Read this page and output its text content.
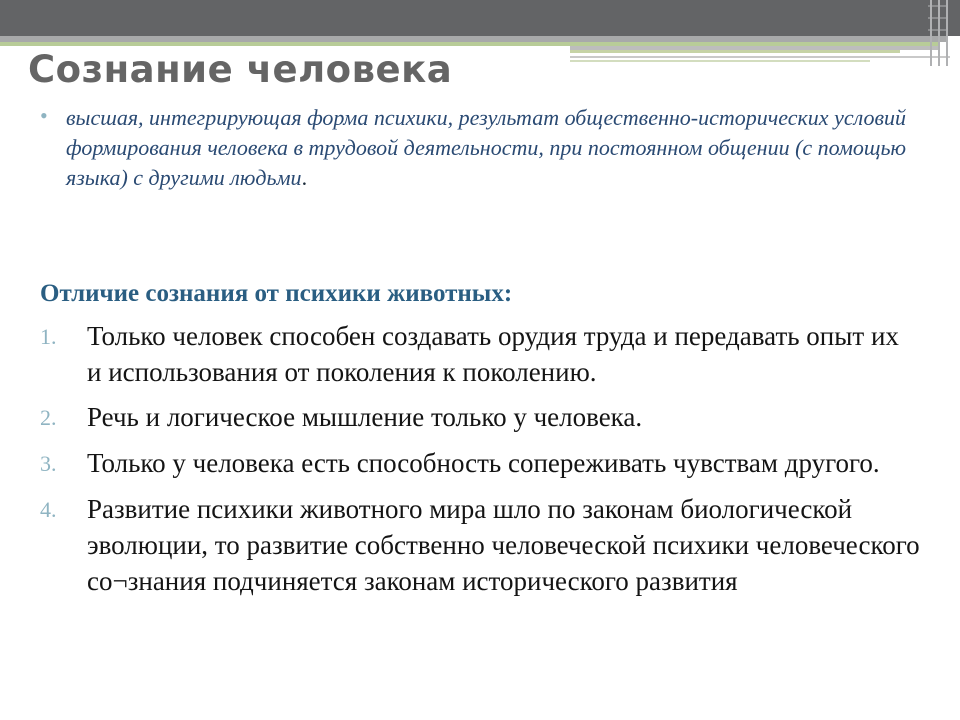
Сознание человека
• высшая, интегрирующая форма психики, результат общественно-исторических условий формирования человека в трудовой деятельности, при постоянном общении (с помощью языка) с другими людьми.
Отличие сознания от психики животных:
1.	Только человек способен создавать орудия труда и передавать опыт их и использования от поколения к поколению.
2.	Речь и логическое мышление только у человека.
3.	Только у человека есть способность сопереживать чувствам другого.
4.	Развитие психики животного мира шло по законам биологической эволюции, то развитие собственно человеческой психики человеческого со¬знания подчиняется законам исторического развития
